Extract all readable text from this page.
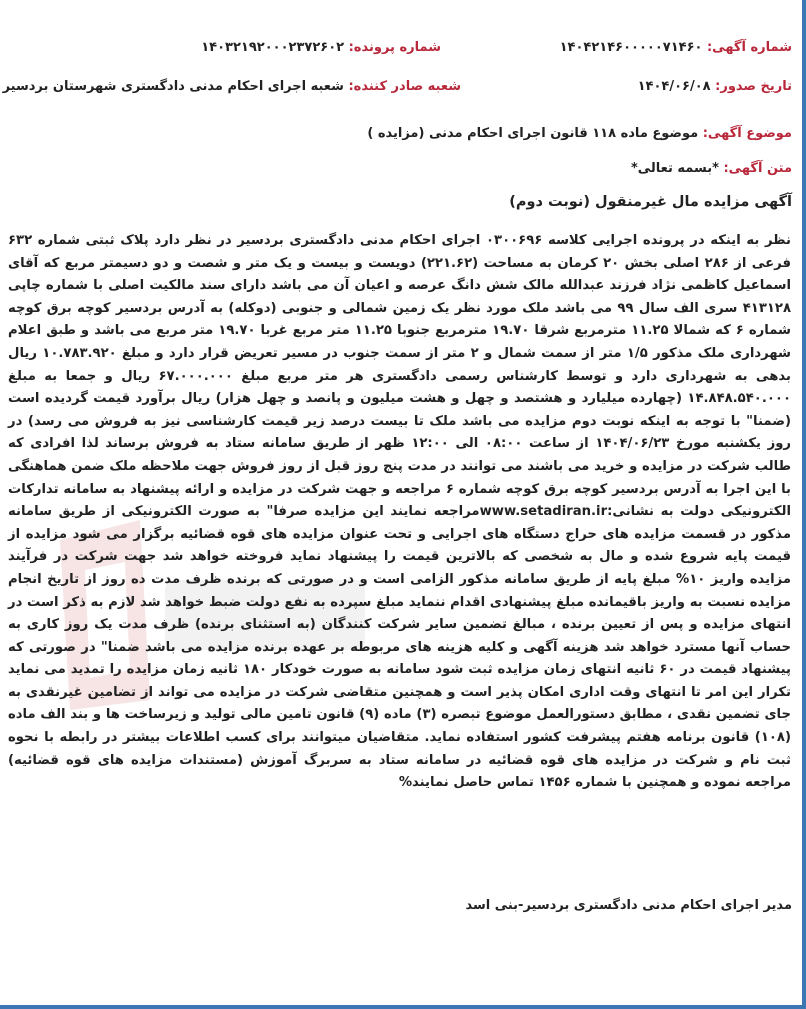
شماره آگهی: ۱۴۰۴۲۱۴۶۰۰۰۰۰۷۱۴۶۰
شماره پرونده: ۱۴۰۳۲۱۹۲۰۰۰۲۳۷۲۶۰۲
تاریخ صدور: ۱۴۰۴/۰۶/۰۸
شعبه صادر کننده: شعبه اجرای احکام مدنی دادگستری شهرستان بردسیر
موضوع آگهی: موضوع ماده ۱۱۸ قانون اجرای احکام مدنی (مزایده )
متن آگهی: *بسمه تعالی*
آگهی مزایده مال غیرمنقول (نوبت دوم)
نظر به اینکه در پرونده اجرایی کلاسه ۰۳۰۰۶۹۶ اجرای احکام مدنی دادگستری بردسیر در نظر دارد پلاک ثبتی شماره ۶۳۲ فرعی از ۲۸۶ اصلی بخش ۲۰ کرمان به مساحت (۲۲۱.۶۲) دویست و بیست و یک متر و شصت و دو دسیمتر مربع که آقای اسماعیل کاظمی نژاد فرزند عبدالله مالک شش دانگ عرصه و اعیان آن می باشد دارای سند مالکیت اصلی با شماره چاپی ۴۱۳۱۲۸ سری الف سال ۹۹ می باشد ملک مورد نظر یک زمین شمالی و جنوبی (دوکله) به آدرس بردسیر کوچه برق کوچه شماره ۶ که شمالا ۱۱.۲۵ مترمربع شرقا ۱۹.۷۰ مترمربع جنوبا ۱۱.۲۵ متر مربع غربا ۱۹.۷۰ متر مربع می باشد و طبق اعلام شهرداری ملک مذکور ۱/۵ متر از سمت شمال و ۲ متر از سمت جنوب در مسیر تعریض قرار دارد و مبلغ ۱۰.۷۸۳.۹۲۰ ریال بدهی به شهرداری دارد و توسط کارشناس رسمی دادگستری هر متر مربع مبلغ ۶۷.۰۰۰.۰۰۰ ریال و جمعا به مبلغ ۱۴.۸۴۸.۵۴۰.۰۰۰ (چهارده میلیارد و هشتصد و چهل و هشت میلیون و پانصد و چهل هزار) ریال برآورد قیمت گردیده است (ضمنا" با توجه به اینکه نوبت دوم مزایده می باشد ملک تا بیست درصد زیر قیمت کارشناسی نیز به فروش می رسد) در روز یکشنبه مورخ ۱۴۰۴/۰۶/۲۳ از ساعت ۰۸:۰۰ الی ۱۲:۰۰ ظهر از طریق سامانه ستاد به فروش برساند لذا افرادی که طالب شرکت در مزایده و خرید می باشند می توانند در مدت پنج روز قبل از روز فروش جهت ملاحظه ملک ضمن هماهنگی با این اجرا به آدرس بردسیر کوچه برق کوچه شماره ۶ مراجعه و جهت شرکت در مزایده و ارائه پیشنهاد به سامانه تدارکات الکترونیکی دولت به نشانی:www.setadiran.irمراجعه نمایند این مزایده صرفا" به صورت الکترونیکی از طریق سامانه مذکور در قسمت مزایده های حراج دستگاه های اجرایی و تحت عنوان مزایده های قوه قضائیه برگزار می شود مزایده از قیمت پایه شروع شده و مال به شخصی که بالاترین قیمت را پیشنهاد نماید فروخته خواهد شد جهت شرکت در فرآیند مزایده واریز ۱۰% مبلغ پایه از طریق سامانه مذکور الزامی است و در صورتی که برنده ظرف مدت ده روز از تاریخ انجام مزایده نسبت به واریز باقیمانده مبلغ پیشنهادی اقدام ننماید مبلغ سپرده به نفع دولت ضبط خواهد شد لازم به ذکر است در انتهای مزایده و پس از تعیین برنده ، مبالغ تضمین سایر شرکت کنندگان (به استثنای برنده) ظرف مدت یک روز کاری به حساب آنها مسترد خواهد شد هزینه آگهی و کلیه هزینه های مربوطه بر عهده برنده مزایده می باشد ضمنا" در صورتی که پیشنهاد قیمت در ۶۰ ثانیه انتهای زمان مزایده ثبت شود سامانه به صورت خودکار ۱۸۰ ثانیه زمان مزایده را تمدید می نماید تکرار این امر تا انتهای وقت اداری امکان پذیر است و همچنین متقاضی شرکت در مزایده می تواند از تضامین غیرنقدی به جای تضمین نقدی ، مطابق دستورالعمل موضوع تبصره (۳) ماده (۹) قانون تامین مالی تولید و زیرساخت ها و بند الف ماده (۱۰۸) قانون برنامه هفتم پیشرفت کشور استفاده نماید. متقاضیان میتوانند برای کسب اطلاعات بیشتر در رابطه با نحوه ثبت نام و شرکت در مزایده های قوه قضائیه در سامانه ستاد به سربرگ آموزش (مستندات مزایده های قوه قضائیه) مراجعه نموده و همچنین با شماره ۱۴۵۶ تماس حاصل نمایند%
مدیر اجرای احکام مدنی دادگستری بردسیر-بنی اسد
